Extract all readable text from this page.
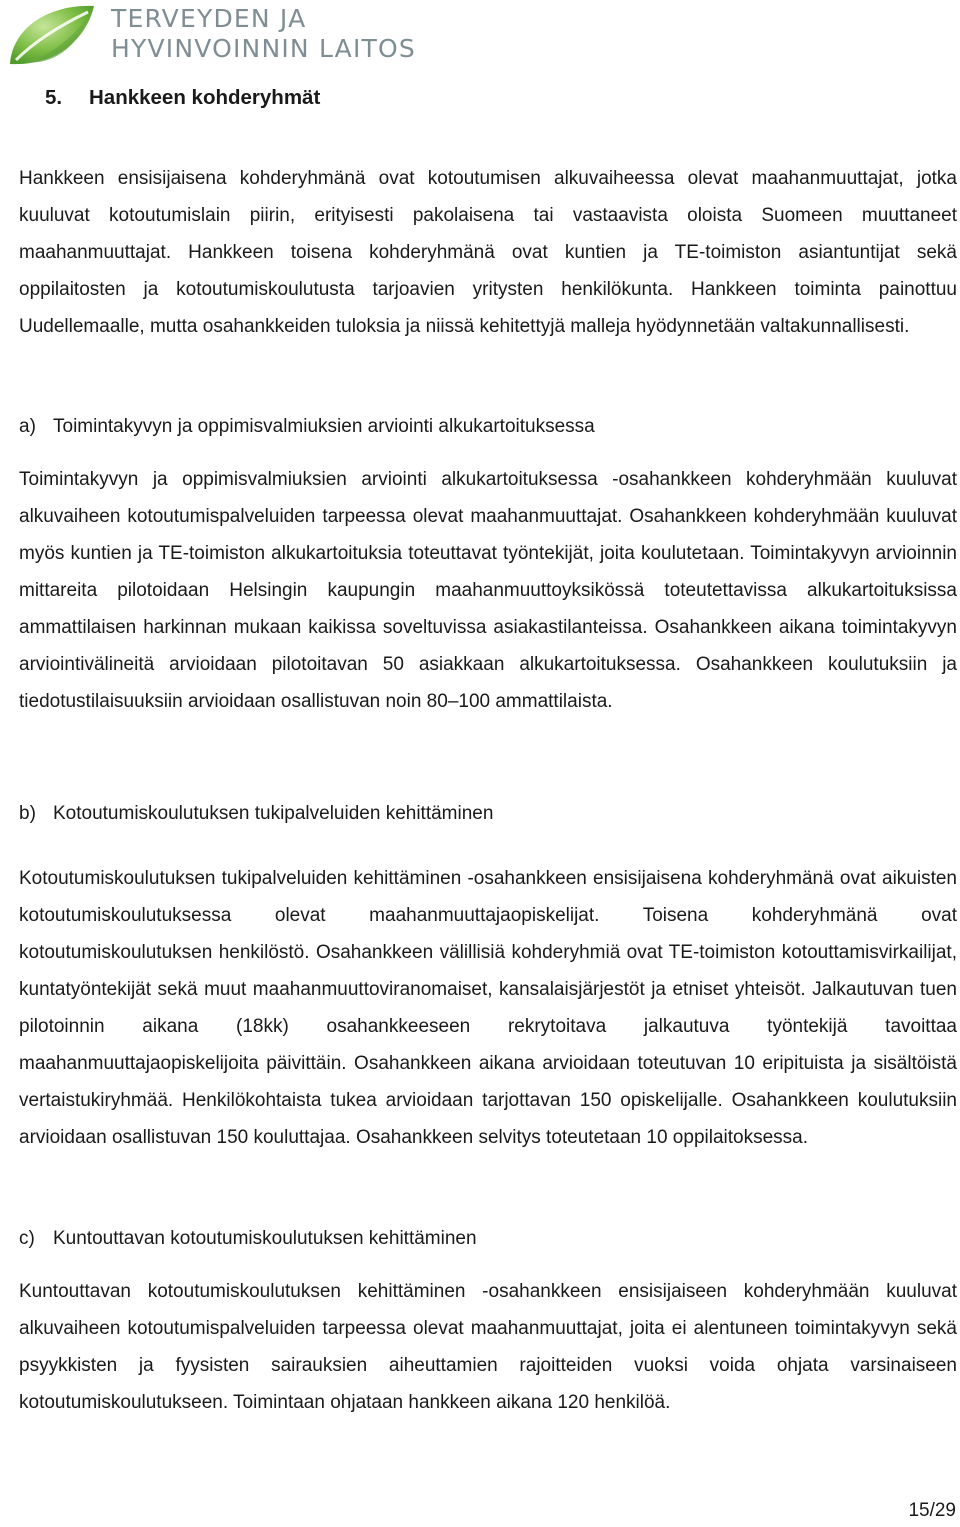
TERVEYDEN JA
HYVINVOINNIN LAITOS
5. Hankkeen kohderyhmät

Hankkeen ensisijaisena kohderyhmänä ovat kotoutumisen alkuvaiheessa olevat maahanmuuttajat, jotka kuuluvat kotoutumislain piirin, erityisesti pakolaisena tai vastaavista oloista Suomeen muuttaneet maahanmuuttajat. Hankkeen toisena kohderyhmänä ovat kuntien ja TE-toimiston asiantuntijat sekä oppilaitosten ja kotoutumiskoulutusta tarjoavien yritysten henkilökunta. Hankkeen toiminta painottuu Uudellemaalle, mutta osahankkeiden tuloksia ja niissä kehitettyjä malleja hyödynnetään valtakunnallisesti.

a) Toimintakyvyn ja oppimisvalmiuksien arviointi alkukartoituksessa

Toimintakyvyn ja oppimisvalmiuksien arviointi alkukartoituksessa -osahankkeen kohderyhmään kuuluvat alkuvaiheen kotoutumispalveluiden tarpeessa olevat maahanmuuttajat. Osahankkeen kohderyhmään kuuluvat myös kuntien ja TE-toimiston alkukartoituksia toteuttavat työntekijät, joita koulutetaan. Toimintakyvyn arvioinnin mittareita pilotoidaan Helsingin kaupungin maahanmuuttoyksikössä toteutettavissa alkukartoituksissa ammattilaisen harkinnan mukaan kaikissa soveltuvissa asiakastilanteissa. Osahankkeen aikana toimintakyvyn arviointivälineitä arvioidaan pilotoitavan 50 asiakkaan alkukartoituksessa. Osahankkeen koulutuksiin ja tiedotustilaisuuksiin arvioidaan osallistuvan noin 80–100 ammattilaista.

b) Kotoutumiskoulutuksen tukipalveluiden kehittäminen

Kotoutumiskoulutuksen tukipalveluiden kehittäminen -osahankkeen ensisijaisena kohderyhmänä ovat aikuisten kotoutumiskoulutuksessa olevat maahanmuuttajaopiskelijat. Toisena kohderyhmänä ovat kotoutumiskoulutuksen henkilöstö. Osahankkeen välillisiä kohderyhmiä ovat TE-toimiston kotouttamisvirkailijat, kuntatyöntekijät sekä muut maahanmuuttoviranomaiset, kansalaisjärjestöt ja etniset yhteisöt. Jalkautuvan tuen pilotoinnin aikana (18kk) osahankkeeseen rekrytoitava jalkautuva työntekijä tavoittaa maahanmuuttajaopiskelijoita päivittäin. Osahankkeen aikana arvioidaan toteutuvan 10 eripituista ja sisältöistä vertaistukiryhmää. Henkilökohtaista tukea arvioidaan tarjottavan 150 opiskelijalle. Osahankkeen koulutuksiin arvioidaan osallistuvan 150 kouluttajaa. Osahankkeen selvitys toteutetaan 10 oppilaitoksessa.

c) Kuntouttavan kotoutumiskoulutuksen kehittäminen

Kuntouttavan kotoutumiskoulutuksen kehittäminen -osahankkeen ensisijaiseen kohderyhmään kuuluvat alkuvaiheen kotoutumispalveluiden tarpeessa olevat maahanmuuttajat, joita ei alentuneen toimintakyvyn sekä psyykkisten ja fyysisten sairauksien aiheuttamien rajoitteiden vuoksi voida ohjata varsinaiseen kotoutumiskoulutukseen. Toimintaan ohjataan hankkeen aikana 120 henkilöä.

15/29
